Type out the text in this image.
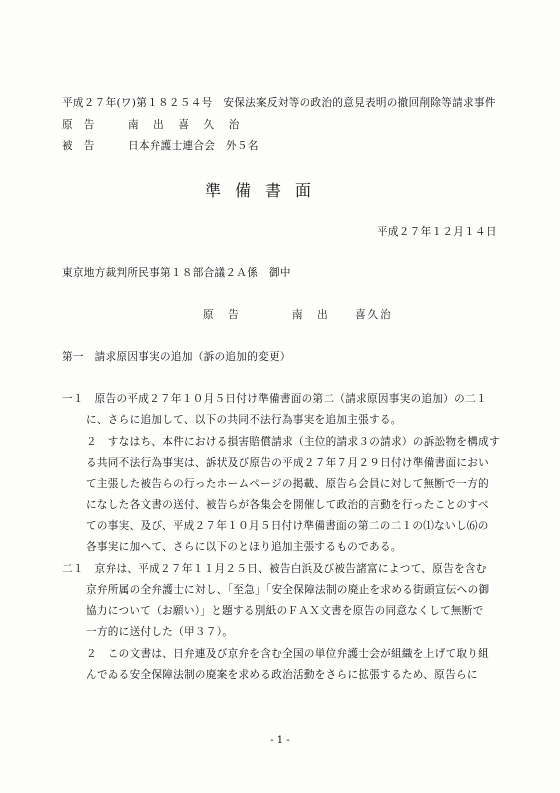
平成２７年(ワ)第１８２５４号　安保法案反対等の政治的意見表明の撤回削除等請求事件
原　告	南　出　喜　久　治
被　告	日本弁護士連合会　外５名
準備書面
平成２７年１２月１４日
東京地方裁判所民事第１８部合議２Ａ係　御中
原　告	南　出　　喜久治
第一　請求原因事実の追加（訴の追加的変更）
一１　原告の平成２７年１０月５日付け準備書面の第二（請求原因事実の追加）の二１
に、さらに追加して、以下の共同不法行為事実を追加主張する。
２　すなはち、本件における損害賠償請求（主位的請求３の請求）の訴訟物を構成す
る共同不法行為事実は、訴状及び原告の平成２７年７月２９日付け準備書面におい
て主張した被告らの行ったホームページの掲載、原告ら会員に対して無断で一方的
になした各文書の送付、被告らが各集会を開催して政治的言動を行ったことのすべ
ての事実、及び、平成２７年１０月５日付け準備書面の第二の二１の⑴ないし⑹の
各事実に加へて、さらに以下のとほり追加主張するものである。
二１　京弁は、平成２７年１１月２５日、被告白浜及び被告諸富によつて、原告を含む
京弁所属の全弁護士に対し、「至急」「安全保障法制の廃止を求める街頭宣伝への御
協力について（お願い）」と題する別紙のＦＡＸ文書を原告の同意なくして無断で
一方的に送付した（甲３７）。
２　この文書は、日弁連及び京弁を含む全国の単位弁護士会が組織を上げて取り組
んでゐる安全保障法制の廃案を求める政治活動をさらに拡張するため、原告らに
- 1 -
